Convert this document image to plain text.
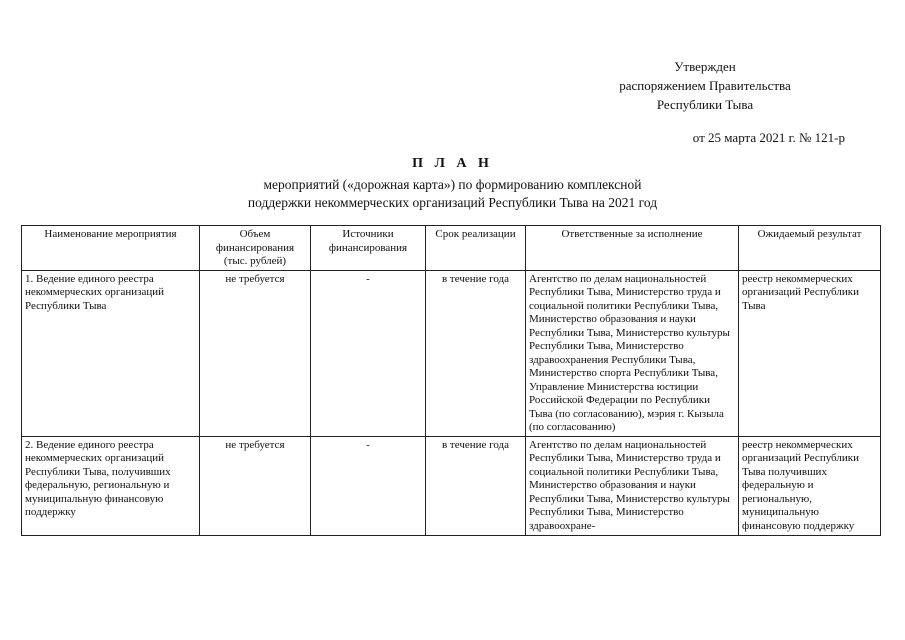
Утвержден
распоряжением Правительства
Республики Тыва
от 25 марта 2021 г. № 121-р
П Л А Н
мероприятий («дорожная карта») по формированию комплексной
поддержки некоммерческих организаций Республики Тыва на 2021 год
Наименование мероприятия	Объем финансирования (тыс. рублей)	Источники финансирования	Срок реализации	Ответственные за исполнение	Ожидаемый результат
1. Ведение единого реестра некоммерческих организаций Республики Тыва	не требуется	-	в течение года	Агентство по делам национальностей Республики Тыва, Министерство труда и социальной политики Республики Тыва, Министерство образования и науки Республики Тыва, Министерство культуры Республики Тыва, Министерство здравоохранения Республики Тыва, Министерство спорта Республики Тыва, Управление Министерства юстиции Российской Федерации по Республики Тыва (по согласованию), мэрия г. Кызыла (по согласованию)	реестр некоммерческих организаций Республики Тыва

2. Ведение единого реестра некоммерческих организаций Республики Тыва, получивших федеральную, региональную и муниципальную финансовую поддержку	не требуется	-	в течение года	Агентство по делам национальностей Республики Тыва, Министерство труда и социальной политики Республики Тыва, Министерство образования и науки Республики Тыва, Министерство культуры Республики Тыва, Министерство здравоохране-	реестр некоммерческих организаций Республики Тыва получивших федеральную и региональную, муниципальную финансовую поддержку
